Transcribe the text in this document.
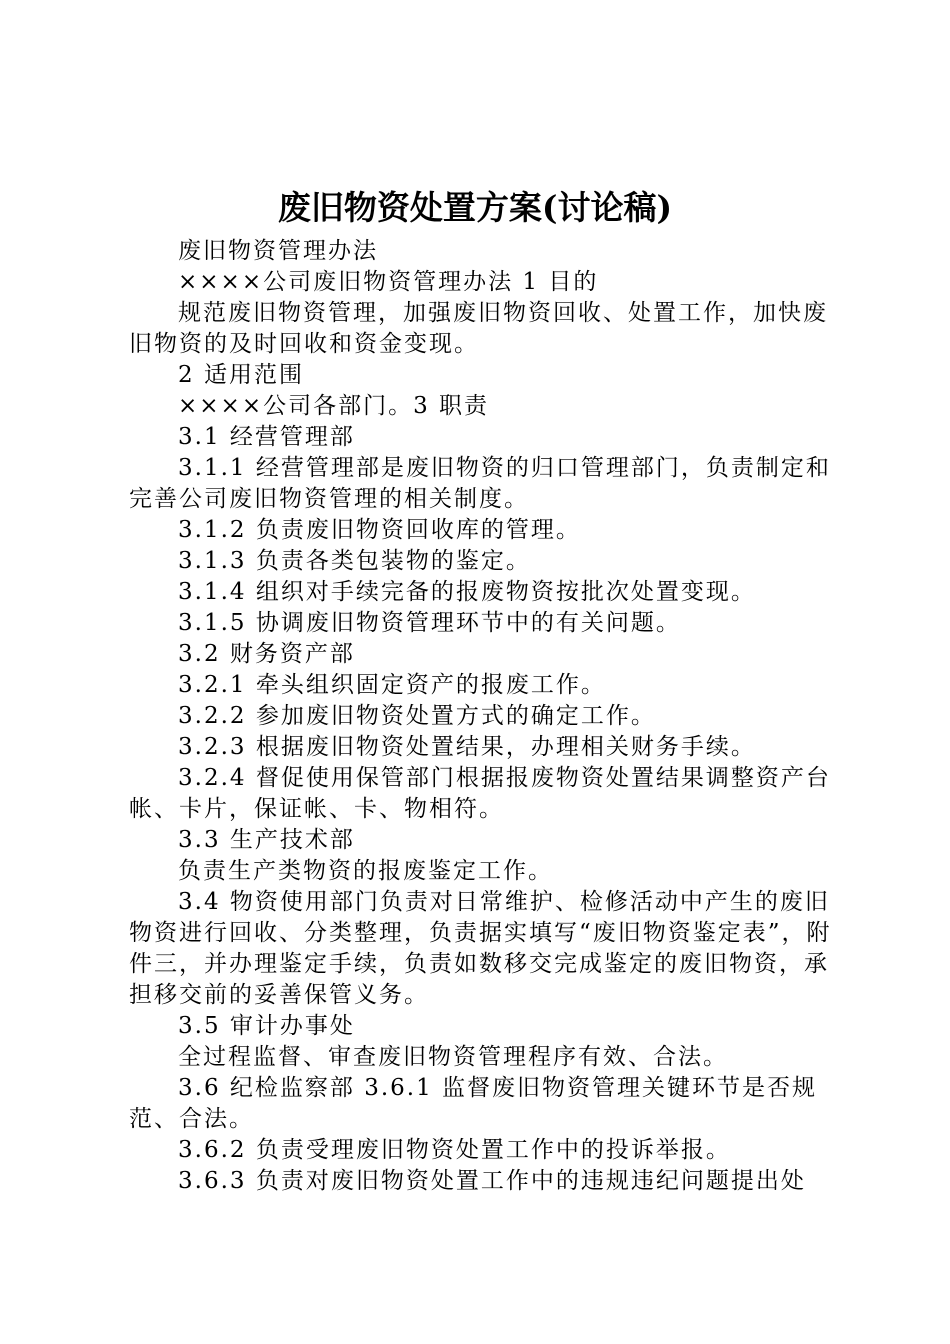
废旧物资处置方案(讨论稿)

废旧物资管理办法

××××公司废旧物资管理办法 1 目的

规范废旧物资管理，加强废旧物资回收、处置工作，加快废旧物资的及时回收和资金变现。

2 适用范围

××××公司各部门。3 职责

3.1 经营管理部

3.1.1 经营管理部是废旧物资的归口管理部门，负责制定和完善公司废旧物资管理的相关制度。

3.1.2 负责废旧物资回收库的管理。

3.1.3 负责各类包装物的鉴定。

3.1.4 组织对手续完备的报废物资按批次处置变现。

3.1.5 协调废旧物资管理环节中的有关问题。

3.2 财务资产部

3.2.1 牵头组织固定资产的报废工作。

3.2.2 参加废旧物资处置方式的确定工作。

3.2.3 根据废旧物资处置结果，办理相关财务手续。

3.2.4 督促使用保管部门根据报废物资处置结果调整资产台帐、卡片，保证帐、卡、物相符。

3.3 生产技术部

负责生产类物资的报废鉴定工作。

3.4 物资使用部门负责对日常维护、检修活动中产生的废旧物资进行回收、分类整理，负责据实填写“废旧物资鉴定表”，附件三，并办理鉴定手续，负责如数移交完成鉴定的废旧物资，承担移交前的妥善保管义务。

3.5 审计办事处

全过程监督、审查废旧物资管理程序有效、合法。

3.6 纪检监察部 3.6.1 监督废旧物资管理关键环节是否规范、合法。

3.6.2 负责受理废旧物资处置工作中的投诉举报。

3.6.3 负责对废旧物资处置工作中的违规违纪问题提出处
